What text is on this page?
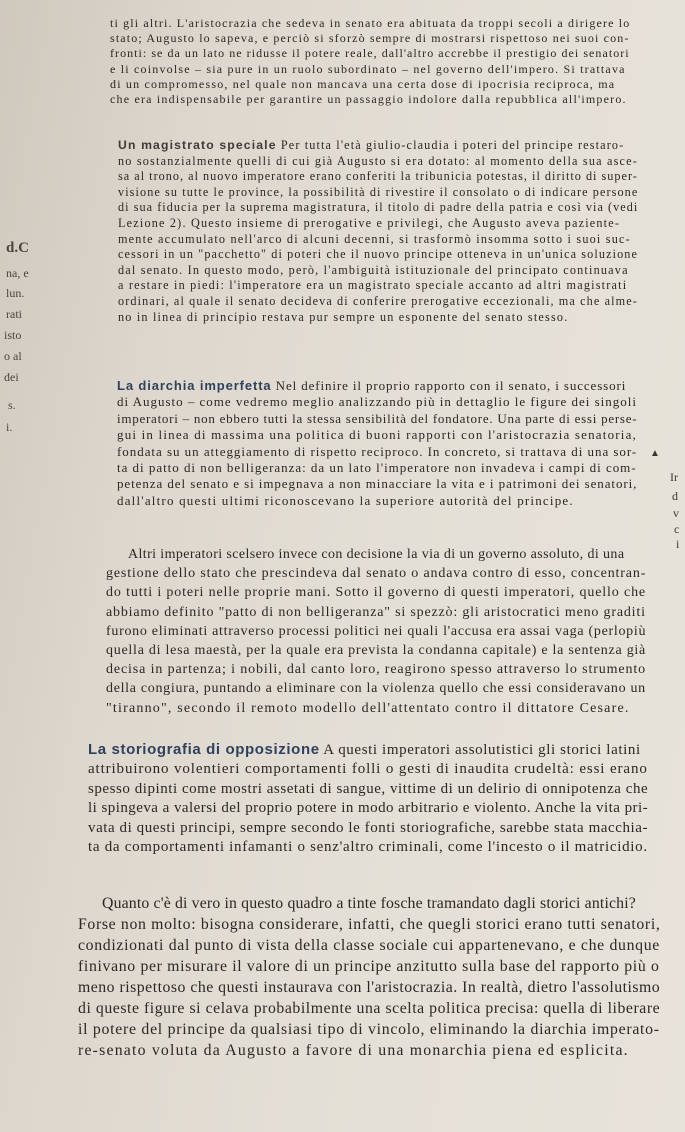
ti gli altri. L'aristocrazia che sedeva in senato era abituata da troppi secoli a dirigere lo
stato; Augusto lo sapeva, e perciò si sforzò sempre di mostrarsi rispettoso nei suoi con-
fronti: se da un lato ne ridusse il potere reale, dall'altro accrebbe il prestigio dei senatori
e li coinvolse – sia pure in un ruolo subordinato – nel governo dell'impero. Si trattava
di un compromesso, nel quale non mancava una certa dose di ipocrisia reciproca, ma
che era indispensabile per garantire un passaggio indolore dalla repubblica all'impero.
Un magistrato speciale Per tutta l'età giulio-claudia i poteri del principe restaro-
no sostanzialmente quelli di cui già Augusto si era dotato: al momento della sua asce-
sa al trono, al nuovo imperatore erano conferiti la tribunicia potestas, il diritto di super-
visione su tutte le province, la possibilità di rivestire il consolato o di indicare persone
di sua fiducia per la suprema magistratura, il titolo di padre della patria e così via (vedi
Lezione 2). Questo insieme di prerogative e privilegi, che Augusto aveva paziente-
mente accumulato nell'arco di alcuni decenni, si trasformò insomma sotto i suoi suc-
cessori in un "pacchetto" di poteri che il nuovo principe otteneva in un'unica soluzione
dal senato. In questo modo, però, l'ambiguità istituzionale del principato continuava
a restare in piedi: l'imperatore era un magistrato speciale accanto ad altri magistrati
ordinari, al quale il senato decideva di conferire prerogative eccezionali, ma che alme-
no in linea di principio restava pur sempre un esponente del senato stesso.
La diarchia imperfetta Nel definire il proprio rapporto con il senato, i successori
di Augusto – come vedremo meglio analizzando più in dettaglio le figure dei singoli
imperatori – non ebbero tutti la stessa sensibilità del fondatore. Una parte di essi perse-
gui in linea di massima una politica di buoni rapporti con l'aristocrazia senatoria,
fondata su un atteggiamento di rispetto reciproco. In concreto, si trattava di una sor-
ta di patto di non belligeranza: da un lato l'imperatore non invadeva i campi di com-
petenza del senato e si impegnava a non minacciare la vita e i patrimoni dei senatori,
dall'altro questi ultimi riconoscevano la superiore autorità del principe.
Altri imperatori scelsero invece con decisione la via di un governo assoluto, di una
gestione dello stato che prescindeva dal senato o andava contro di esso, concentran-
do tutti i poteri nelle proprie mani. Sotto il governo di questi imperatori, quello che
abbiamo definito "patto di non belligeranza" si spezzò: gli aristocratici meno graditi
furono eliminati attraverso processi politici nei quali l'accusa era assai vaga (perlopiù
quella di lesa maestà, per la quale era prevista la condanna capitale) e la sentenza già
decisa in partenza; i nobili, dal canto loro, reagirono spesso attraverso lo strumento
della congiura, puntando a eliminare con la violenza quello che essi consideravano un
"tiranno", secondo il remoto modello dell'attentato contro il dittatore Cesare.
La storiografia di opposizione A questi imperatori assolutistici gli storici latini
attribuirono volentieri comportamenti folli o gesti di inaudita crudeltà: essi erano
spesso dipinti come mostri assetati di sangue, vittime di un delirio di onnipotenza che
li spingeva a valersi del proprio potere in modo arbitrario e violento. Anche la vita pri-
vata di questi principi, sempre secondo le fonti storiografiche, sarebbe stata macchia-
ta da comportamenti infamanti o senz'altro criminali, come l'incesto o il matricidio.
Quanto c'è di vero in questo quadro a tinte fosche tramandato dagli storici antichi?
Forse non molto: bisogna considerare, infatti, che quegli storici erano tutti senatori,
condizionati dal punto di vista della classe sociale cui appartenevano, e che dunque
finivano per misurare il valore di un principe anzitutto sulla base del rapporto più o
meno rispettoso che questi instaurava con l'aristocrazia. In realtà, dietro l'assolutismo
di queste figure si celava probabilmente una scelta politica precisa: quella di liberare
il potere del principe da qualsiasi tipo di vincolo, eliminando la diarchia imperato-
re-senato voluta da Augusto a favore di una monarchia piena ed esplicita.
d.C
na, e
lun.
rati
isto
o al
dei
s.
i.
▲
Ir
d
v
c
i
